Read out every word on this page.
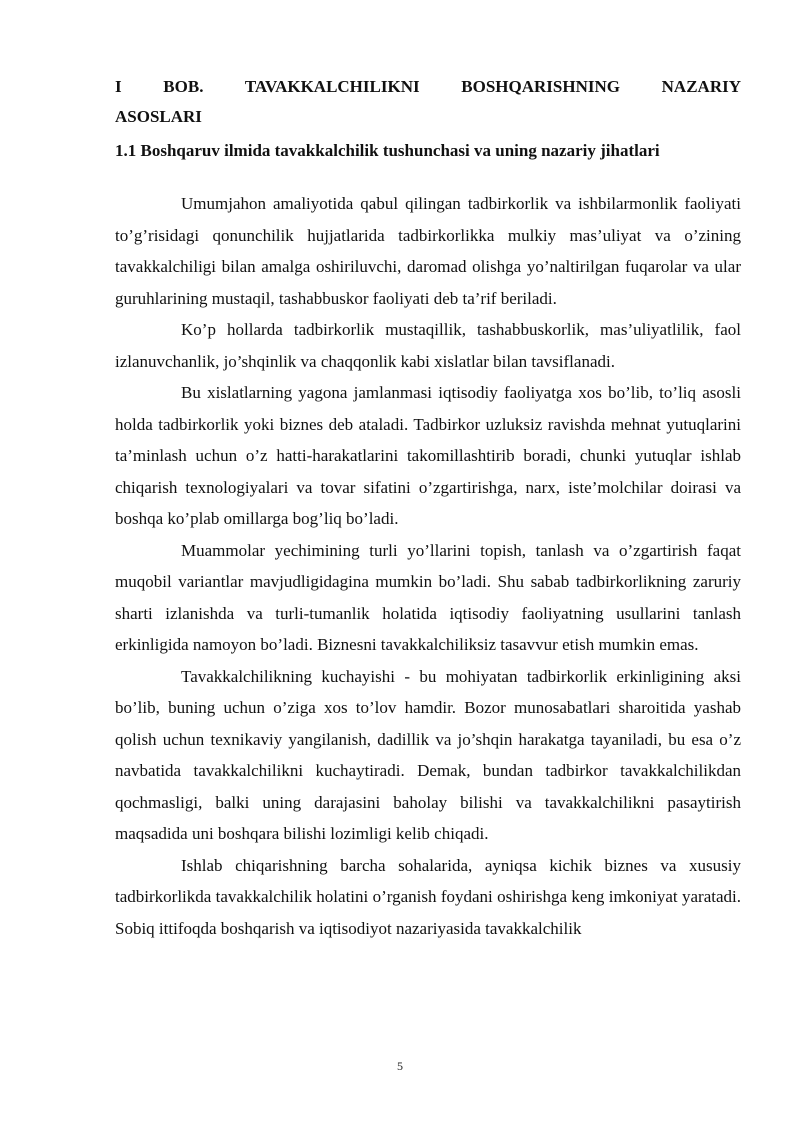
I BOB. TAVAKKALCHILIKNI BOSHQARISHNING NAZARIY
ASOSLARI
1.1 Boshqaruv ilmida tavakkalchilik tushunchasi va uning nazariy jihatlari

Umumjahon amaliyotida qabul qilingan tadbirkorlik va ishbilarmonlik faoliyati to’g’risidagi qonunchilik hujjatlarida tadbirkorlikka mulkiy mas’uliyat va o’zining tavakkalchiligi bilan amalga oshiriluvchi, daromad olishga yo’naltirilgan fuqarolar va ular guruhlarining mustaqil, tashabbuskor faoliyati deb ta’rif beriladi.

Ko’p hollarda tadbirkorlik mustaqillik, tashabbuskorlik, mas’uliyatlilik, faol izlanuvchanlik, jo’shqinlik va chaqqonlik kabi xislatlar bilan tavsiflanadi.

Bu xislatlarning yagona jamlanmasi iqtisodiy faoliyatga xos bo’lib, to’liq asosli holda tadbirkorlik yoki biznes deb ataladi. Tadbirkor uzluksiz ravishda mehnat yutuqlarini ta’minlash uchun o’z hatti-harakatlarini takomillashtirib boradi, chunki yutuqlar ishlab chiqarish texnologiyalari va tovar sifatini o’zgartirishga, narx, iste’molchilar doirasi va boshqa ko’plab omillarga bog’liq bo’ladi.

Muammolar yechimining turli yo’llarini topish, tanlash va o’zgartirish faqat muqobil variantlar mavjudligidagina mumkin bo’ladi. Shu sabab tadbirkorlikning zaruriy sharti izlanishda va turli-tumanlik holatida iqtisodiy faoliyatning usullarini tanlash erkinligida namoyon bo’ladi. Biznesni tavakkalchiliksiz tasavvur etish mumkin emas.

Tavakkalchilikning kuchayishi - bu mohiyatan tadbirkorlik erkinligining aksi bo’lib, buning uchun o’ziga xos to’lov hamdir. Bozor munosabatlari sharoitida yashab qolish uchun texnikaviy yangilanish, dadillik va jo’shqin harakatga tayaniladi, bu esa o’z navbatida tavakkalchilikni kuchaytiradi. Demak, bundan tadbirkor tavakkalchilikdan qochmasligi, balki uning darajasini baholay bilishi va tavakkalchilikni pasaytirish maqsadida uni boshqara bilishi lozimligi kelib chiqadi.

Ishlab chiqarishning barcha sohalarida, ayniqsa kichik biznes va xususiy tadbirkorlikda tavakkalchilik holatini o’rganish foydani oshirishga keng imkoniyat yaratadi. Sobiq ittifoqda boshqarish va iqtisodiyot nazariyasida tavakkalchilik

5
